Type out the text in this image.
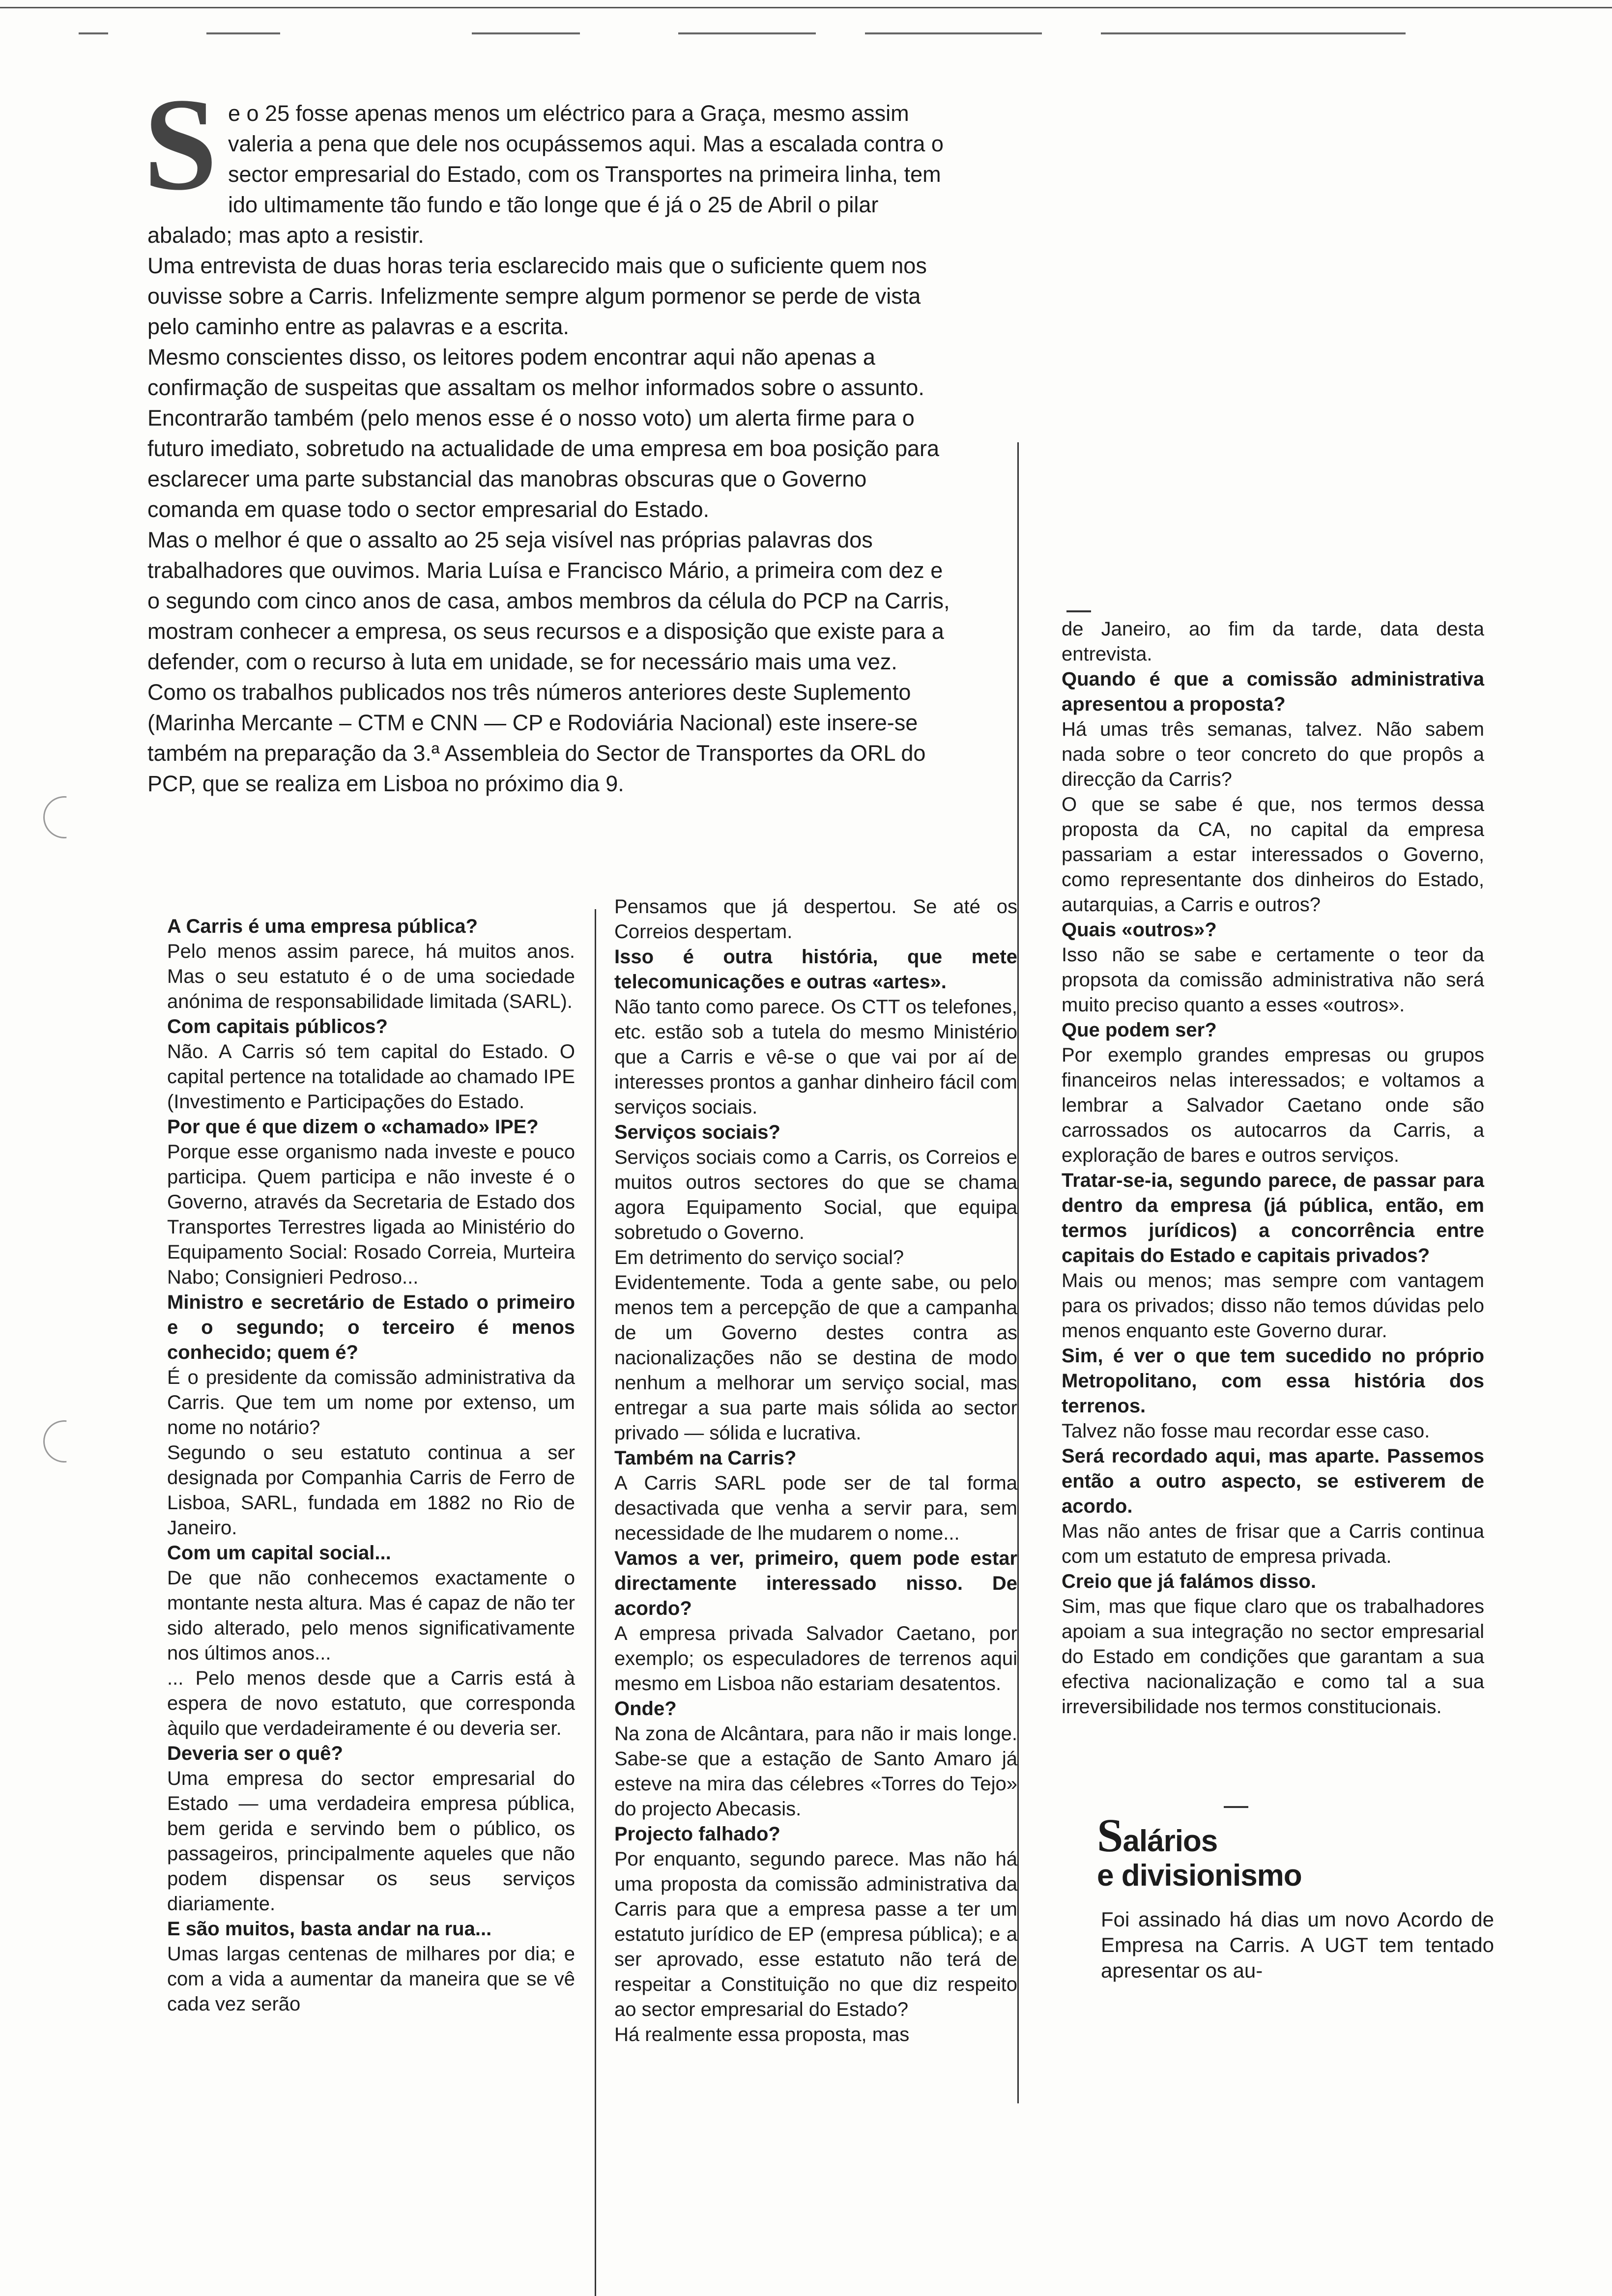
S e o 25 fosse apenas menos um eléctrico para a Graça, mesmo assim valeria a pena que dele nos ocupássemos aqui. Mas a escalada contra o sector empresarial do Estado, com os Transportes na primeira linha, tem ido ultimamente tão fundo e tão longe que é já o 25 de Abril o pilar abalado; mas apto a resistir.

Uma entrevista de duas horas teria esclarecido mais que o suficiente quem nos ouvisse sobre a Carris. Infelizmente sempre algum pormenor se perde de vista pelo caminho entre as palavras e a escrita.

Mesmo conscientes disso, os leitores podem encontrar aqui não apenas a confirmação de suspeitas que assaltam os melhor informados sobre o assunto. Encontrarão também (pelo menos esse é o nosso voto) um alerta firme para o futuro imediato, sobretudo na actualidade de uma empresa em boa posição para esclarecer uma parte substancial das manobras obscuras que o Governo comanda em quase todo o sector empresarial do Estado.

Mas o melhor é que o assalto ao 25 seja visível nas próprias palavras dos trabalhadores que ouvimos. Maria Luísa e Francisco Mário, a primeira com dez e o segundo com cinco anos de casa, ambos membros da célula do PCP na Carris, mostram conhecer a empresa, os seus recursos e a disposição que existe para a defender, com o recurso à luta em unidade, se for necessário mais uma vez.

Como os trabalhos publicados nos três números anteriores deste Suplemento (Marinha Mercante – CTM e CNN — CP e Rodoviária Nacional) este insere-se também na preparação da 3.ª Assembleia do Sector de Transportes da ORL do PCP, que se realiza em Lisboa no próximo dia 9.

A Carris é uma empresa pública?

Pelo menos assim parece, há muitos anos. Mas o seu estatuto é o de uma sociedade anónima de responsabilidade limitada (SARL).

Com capitais públicos?

Não. A Carris só tem capital do Estado. O capital pertence na totalidade ao chamado IPE (Investimento e Participações do Estado.

Por que é que dizem o «chamado» IPE?

Porque esse organismo nada investe e pouco participa. Quem participa e não investe é o Governo, através da Secretaria de Estado dos Transportes Terrestres ligada ao Ministério do Equipamento Social: Rosado Correia, Murteira Nabo; Consignieri Pedroso...

Ministro e secretário de Estado o primeiro e o segundo; o terceiro é menos conhecido; quem é?

É o presidente da comissão administrativa da Carris. Que tem um nome por extenso, um nome no notário?

Segundo o seu estatuto continua a ser designada por Companhia Carris de Ferro de Lisboa, SARL, fundada em 1882 no Rio de Janeiro.

Com um capital social...

De que não conhecemos exactamente o montante nesta altura. Mas é capaz de não ter sido alterado, pelo menos significativamente nos últimos anos...

... Pelo menos desde que a Carris está à espera de novo estatuto, que corresponda àquilo que verdadeiramente é ou deveria ser.

Deveria ser o quê?

Uma empresa do sector empresarial do Estado — uma verdadeira empresa pública, bem gerida e servindo bem o público, os passageiros, principalmente aqueles que não podem dispensar os seus serviços diariamente.

E são muitos, basta andar na rua...

Umas largas centenas de milhares por dia; e com a vida a aumentar da maneira que se vê cada vez serão

Pensamos que já despertou. Se até os Correios despertam.

Isso é outra história, que mete telecomunicações e outras «artes».

Não tanto como parece. Os CTT os telefones, etc. estão sob a tutela do mesmo Ministério que a Carris e vê-se o que vai por aí de interesses prontos a ganhar dinheiro fácil com serviços sociais.

Serviços sociais?

Serviços sociais como a Carris, os Correios e muitos outros sectores do que se chama agora Equipamento Social, que equipa sobretudo o Governo.

Em detrimento do serviço social?

Evidentemente. Toda a gente sabe, ou pelo menos tem a percepção de que a campanha de um Governo destes contra as nacionalizações não se destina de modo nenhum a melhorar um serviço social, mas entregar a sua parte mais sólida ao sector privado — sólida e lucrativa.

Também na Carris?

A Carris SARL pode ser de tal forma desactivada que venha a servir para, sem necessidade de lhe mudarem o nome...

Vamos a ver, primeiro, quem pode estar directamente interessado nisso. De acordo?

A empresa privada Salvador Caetano, por exemplo; os especuladores de terrenos aqui mesmo em Lisboa não estariam desatentos.

Onde?

Na zona de Alcântara, para não ir mais longe. Sabe-se que a estação de Santo Amaro já esteve na mira das célebres «Torres do Tejo» do projecto Abecasis.

Projecto falhado?

Por enquanto, segundo parece. Mas não há uma proposta da comissão administrativa da Carris para que a empresa passe a ter um estatuto jurídico de EP (empresa pública); e a ser aprovado, esse estatuto não terá de respeitar a Constituição no que diz respeito ao sector empresarial do Estado?

Há realmente essa proposta, mas

de Janeiro, ao fim da tarde, data desta entrevista.

Quando é que a comissão administrativa apresentou a proposta?

Há umas três semanas, talvez. Não sabem nada sobre o teor concreto do que propôs a direcção da Carris?

O que se sabe é que, nos termos dessa proposta da CA, no capital da empresa passariam a estar interessados o Governo, como representante dos dinheiros do Estado, autarquias, a Carris e outros?

Quais «outros»?

Isso não se sabe e certamente o teor da propsota da comissão administrativa não será muito preciso quanto a esses «outros».

Que podem ser?

Por exemplo grandes empresas ou grupos financeiros nelas interessados; e voltamos a lembrar a Salvador Caetano onde são carrossados os autocarros da Carris, a exploração de bares e outros serviços.

Tratar-se-ia, segundo parece, de passar para dentro da empresa (já pública, então, em termos jurídicos) a concorrência entre capitais do Estado e capitais privados?

Mais ou menos; mas sempre com vantagem para os privados; disso não temos dúvidas pelo menos enquanto este Governo durar.

Sim, é ver o que tem sucedido no próprio Metropolitano, com essa história dos terrenos.

Talvez não fosse mau recordar esse caso.

Será recordado aqui, mas aparte. Passemos então a outro aspecto, se estiverem de acordo.

Mas não antes de frisar que a Carris continua com um estatuto de empresa privada.

Creio que já falámos disso.

Sim, mas que fique claro que os trabalhadores apoiam a sua integração no sector empresarial do Estado em condições que garantam a sua efectiva nacionalização e como tal a sua irreversibilidade nos termos constitucionais.

Salários
e divisionismo

Foi assinado há dias um novo Acordo de Empresa na Carris. A UGT tem tentado apresentar os au-
